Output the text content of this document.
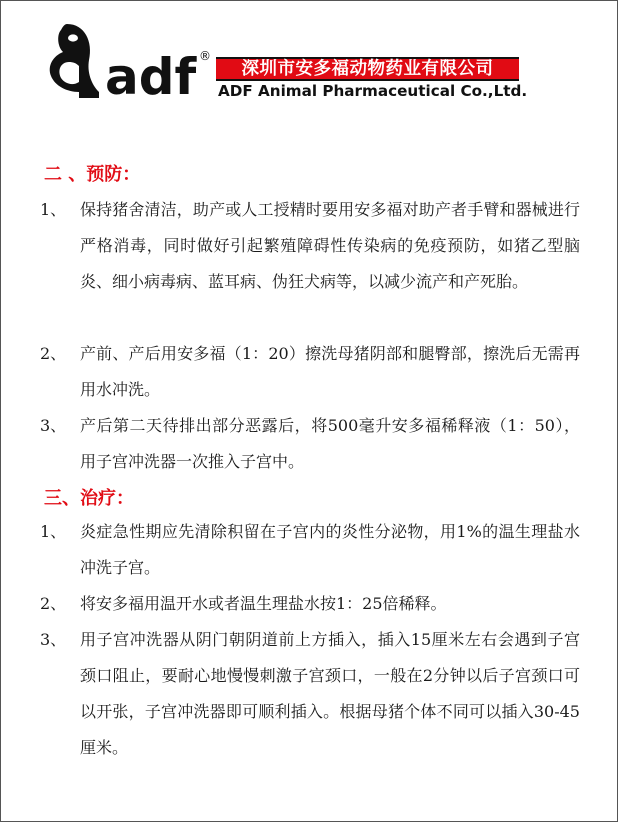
adf ®
深圳市安多福动物药业有限公司
ADF Animal Pharmaceutical Co.,Ltd.
二 、预防：
1、 保持猪舍清洁，助产或人工授精时要用安多福对助产者手臂和器械进行严格消毒，同时做好引起繁殖障碍性传染病的免疫预防，如猪乙型脑炎、细小病毒病、蓝耳病、伪狂犬病等，以减少流产和产死胎。
2、 产前、产后用安多福（1：20）擦洗母猪阴部和腿臀部，擦洗后无需再用水冲洗。
3、 产后第二天待排出部分恶露后，将500毫升安多福稀释液（1：50），用子宫冲洗器一次推入子宫中。
三、治疗：
1、 炎症急性期应先清除积留在子宫内的炎性分泌物，用1%的温生理盐水冲洗子宫。
2、 将安多福用温开水或者温生理盐水按1：25倍稀释。
3、 用子宫冲洗器从阴门朝阴道前上方插入，插入15厘米左右会遇到子宫颈口阻止，要耐心地慢慢刺激子宫颈口，一般在2分钟以后子宫颈口可以开张，子宫冲洗器即可顺利插入。根据母猪个体不同可以插入30-45厘米。
